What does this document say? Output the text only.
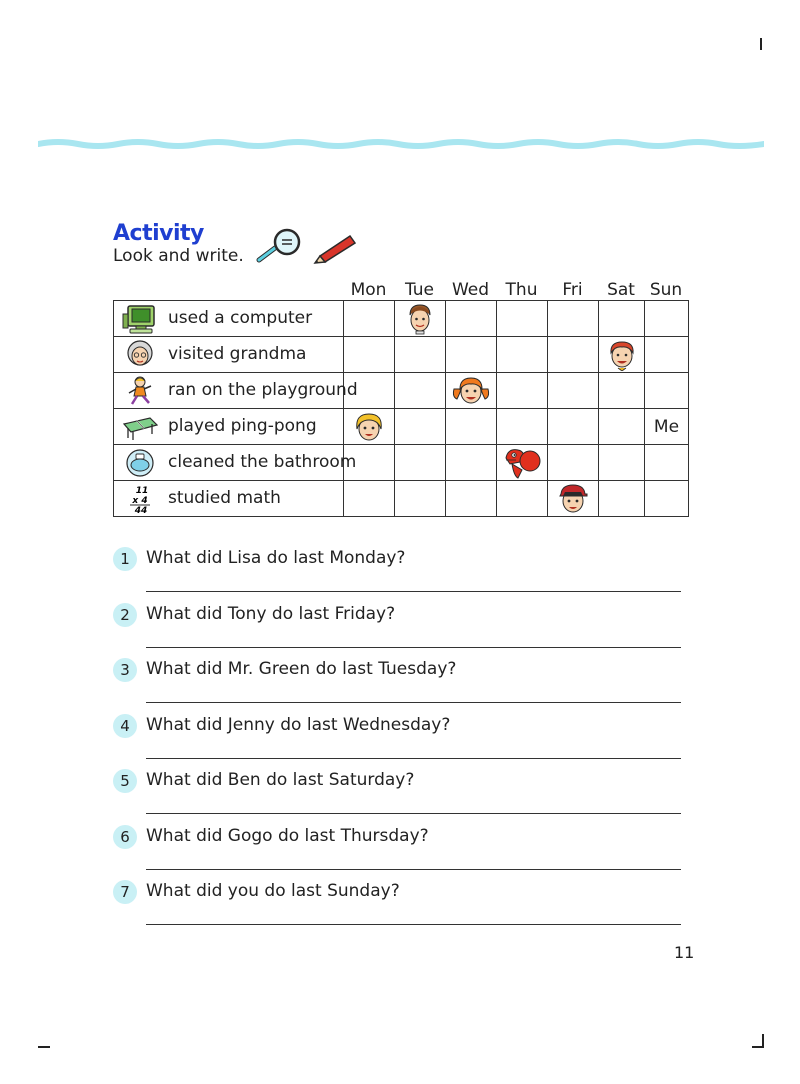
Activity
Look and write.
Mon	Tue	Wed Thu	Fri	Sat Sun
used a computer

visited grandma

ran on the playground

played ping-pong							Me

cleaned the bathroom

11
x 4
44
studied math

1 What did Lisa do last Monday?
2 What did Tony do last Friday?
3 What did Mr. Green do last Tuesday?
4 What did Jenny do last Wednesday?
5 What did Ben do last Saturday?
6 What did Gogo do last Thursday?
7 What did you do last Sunday?
11
